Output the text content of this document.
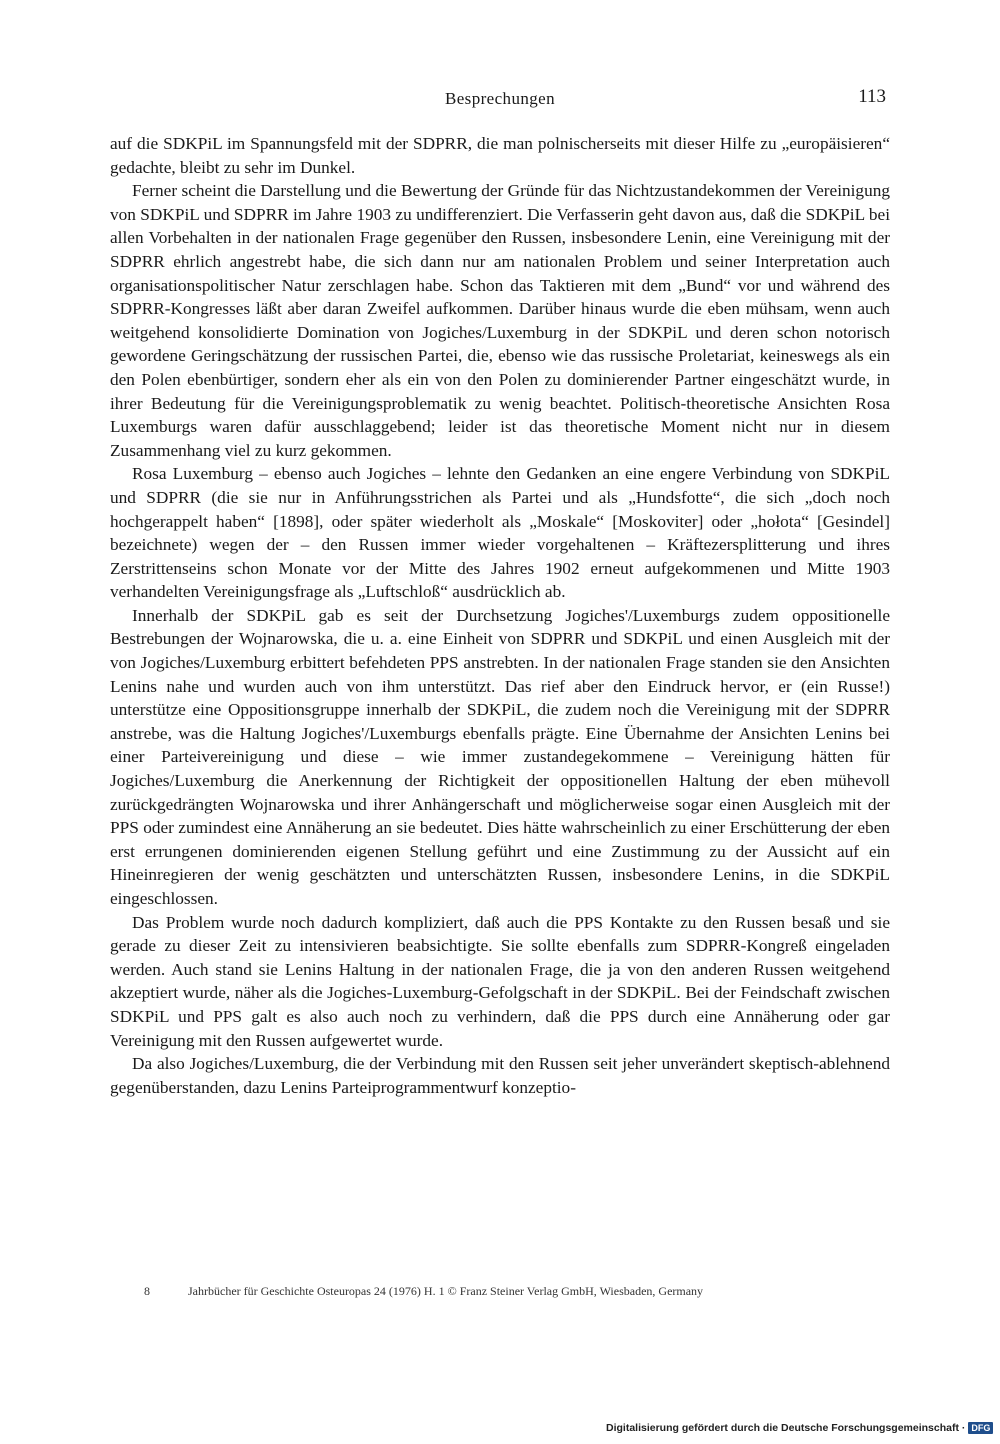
Besprechungen	113

auf die SDKPiL im Spannungsfeld mit der SDPRR, die man polnischerseits mit dieser Hilfe zu „europäisieren“ gedachte, bleibt zu sehr im Dunkel.

Ferner scheint die Darstellung und die Bewertung der Gründe für das Nichtzustandekommen der Vereinigung von SDKPiL und SDPRR im Jahre 1903 zu undifferenziert. Die Verfasserin geht davon aus, daß die SDKPiL bei allen Vorbehalten in der nationalen Frage gegenüber den Russen, insbesondere Lenin, eine Vereinigung mit der SDPRR ehrlich angestrebt habe, die sich dann nur am nationalen Problem und seiner Interpretation auch organisationspolitischer Natur zerschlagen habe. Schon das Taktieren mit dem „Bund“ vor und während des SDPRR-Kongresses läßt aber daran Zweifel aufkommen. Darüber hinaus wurde die eben mühsam, wenn auch weitgehend konsolidierte Domination von Jogiches/Luxemburg in der SDKPiL und deren schon notorisch gewordene Geringschätzung der russischen Partei, die, ebenso wie das russische Proletariat, keineswegs als ein den Polen ebenbürtiger, sondern eher als ein von den Polen zu dominierender Partner eingeschätzt wurde, in ihrer Bedeutung für die Vereinigungsproblematik zu wenig beachtet. Politisch-theoretische Ansichten Rosa Luxemburgs waren dafür ausschlaggebend; leider ist das theoretische Moment nicht nur in diesem Zusammenhang viel zu kurz gekommen.

Rosa Luxemburg – ebenso auch Jogiches – lehnte den Gedanken an eine engere Verbindung von SDKPiL und SDPRR (die sie nur in Anführungsstrichen als Partei und als „Hundsfotte“, die sich „doch noch hochgerappelt haben“ [1898], oder später wiederholt als „Moskale“ [Moskoviter] oder „hołota“ [Gesindel] bezeichnete) wegen der – den Russen immer wieder vorgehaltenen – Kräftezersplitterung und ihres Zerstrittenseins schon Monate vor der Mitte des Jahres 1902 erneut aufgekommenen und Mitte 1903 verhandelten Vereinigungsfrage als „Luftschloß“ ausdrücklich ab.

Innerhalb der SDKPiL gab es seit der Durchsetzung Jogiches'/Luxemburgs zudem oppositionelle Bestrebungen der Wojnarowska, die u. a. eine Einheit von SDPRR und SDKPiL und einen Ausgleich mit der von Jogiches/Luxemburg erbittert befehdeten PPS anstrebten. In der nationalen Frage standen sie den Ansichten Lenins nahe und wurden auch von ihm unterstützt. Das rief aber den Eindruck hervor, er (ein Russe!) unterstütze eine Oppositionsgruppe innerhalb der SDKPiL, die zudem noch die Vereinigung mit der SDPRR anstrebe, was die Haltung Jogiches'/Luxemburgs ebenfalls prägte. Eine Übernahme der Ansichten Lenins bei einer Parteivereinigung und diese – wie immer zustandegekommene – Vereinigung hätten für Jogiches/Luxemburg die Anerkennung der Richtigkeit der oppositionellen Haltung der eben mühevoll zurückgedrängten Wojnarowska und ihrer Anhängerschaft und möglicherweise sogar einen Ausgleich mit der PPS oder zumindest eine Annäherung an sie bedeutet. Dies hätte wahrscheinlich zu einer Erschütterung der eben erst errungenen dominierenden eigenen Stellung geführt und eine Zustimmung zu der Aussicht auf ein Hineinregieren der wenig geschätzten und unterschätzten Russen, insbesondere Lenins, in die SDKPiL eingeschlossen.

Das Problem wurde noch dadurch kompliziert, daß auch die PPS Kontakte zu den Russen besaß und sie gerade zu dieser Zeit zu intensivieren beabsichtigte. Sie sollte ebenfalls zum SDPRR-Kongreß eingeladen werden. Auch stand sie Lenins Haltung in der nationalen Frage, die ja von den anderen Russen weitgehend akzeptiert wurde, näher als die Jogiches-Luxemburg-Gefolgschaft in der SDKPiL. Bei der Feindschaft zwischen SDKPiL und PPS galt es also auch noch zu verhindern, daß die PPS durch eine Annäherung oder gar Vereinigung mit den Russen aufgewertet wurde.

Da also Jogiches/Luxemburg, die der Verbindung mit den Russen seit jeher unverändert skeptisch-ablehnend gegenüberstanden, dazu Lenins Parteiprogrammentwurf konzeptio-

8	Jahrbücher für Geschichte Osteuropas 24 (1976) H. 1 © Franz Steiner Verlag GmbH, Wiesbaden, Germany
Digitalisierung gefördert durch die Deutsche Forschungsgemeinschaft · DFG
